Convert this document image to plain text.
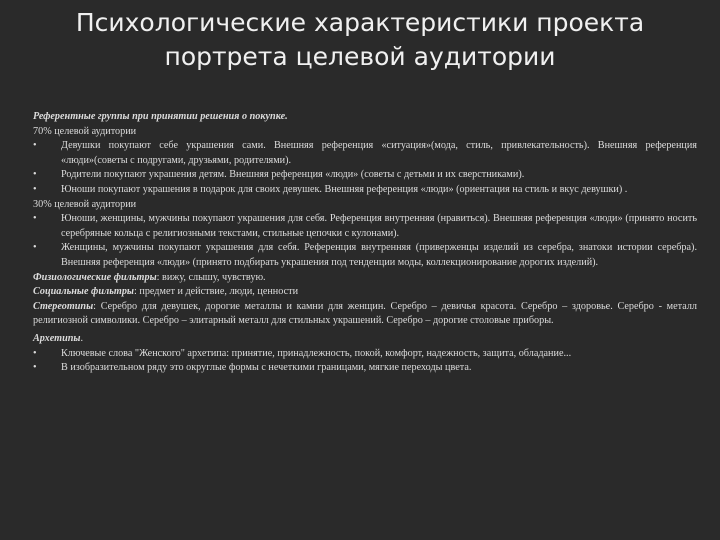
Психологические характеристики проекта
портрета целевой аудитории

Референтные группы при принятии решения о покупке.

70% целевой аудитории

•	Девушки покупают себе украшения сами. Внешняя референция «ситуация»(мода, стиль, привлекательность). Внешняя референция «люди»(советы с подругами, друзьями, родителями).
•	Родители покупают украшения детям. Внешняя референция «люди» (советы с детьми и их сверстниками).
•	Юноши покупают украшения в подарок для своих девушек. Внешняя референция «люди» (ориентация на стиль и вкус девушки) .

30% целевой аудитории

•	Юноши, женщины, мужчины покупают украшения для себя. Референция внутренняя (нравиться). Внешняя референция «люди» (принято носить серебряные кольца с религиозными текстами, стильные цепочки с кулонами).
•	Женщины, мужчины покупают украшения для себя. Референция внутренняя (приверженцы изделий из серебра, знатоки истории серебра). Внешняя референция «люди» (принято подбирать украшения под тенденции моды, коллекционирование дорогих изделий).

Физиологические фильтры: вижу, слышу, чувствую.

Социальные фильтры: предмет и действие, люди, ценности

Стереотипы: Серебро для девушек, дорогие металлы и камни для женщин. Серебро – девичья красота. Серебро – здоровье. Серебро - металл религиозной символики. Серебро – элитарный металл для стильных украшений. Серебро – дорогие столовые приборы.

Архетипы.

•	Ключевые слова "Женского" архетипа: принятие, принадлежность, покой, комфорт, надежность, защита, обладание...
•	В изобразительном ряду это округлые формы с нечеткими границами, мягкие переходы цвета.
